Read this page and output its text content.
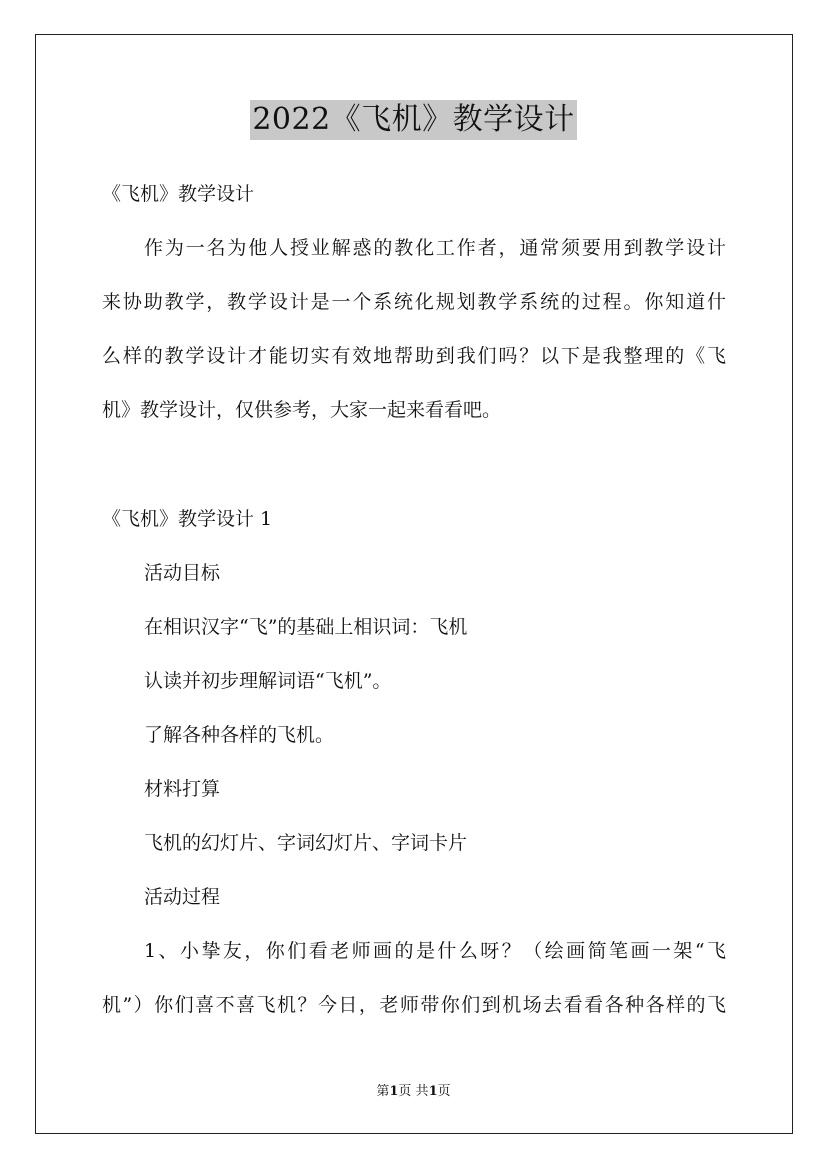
2022《飞机》教学设计
《飞机》教学设计
作为一名为他人授业解惑的教化工作者，通常须要用到教学设计
来协助教学，教学设计是一个系统化规划教学系统的过程。你知道什
么样的教学设计才能切实有效地帮助到我们吗？以下是我整理的《飞
机》教学设计，仅供参考，大家一起来看看吧。
《飞机》教学设计 1
活动目标
在相识汉字“飞”的基础上相识词：飞机
认读并初步理解词语“飞机”。
了解各种各样的飞机。
材料打算
飞机的幻灯片、字词幻灯片、字词卡片
活动过程
1、小挚友，你们看老师画的是什么呀？（绘画简笔画一架“飞
机”）你们喜不喜飞机？今日，老师带你们到机场去看看各种各样的飞
第1页 共1页
